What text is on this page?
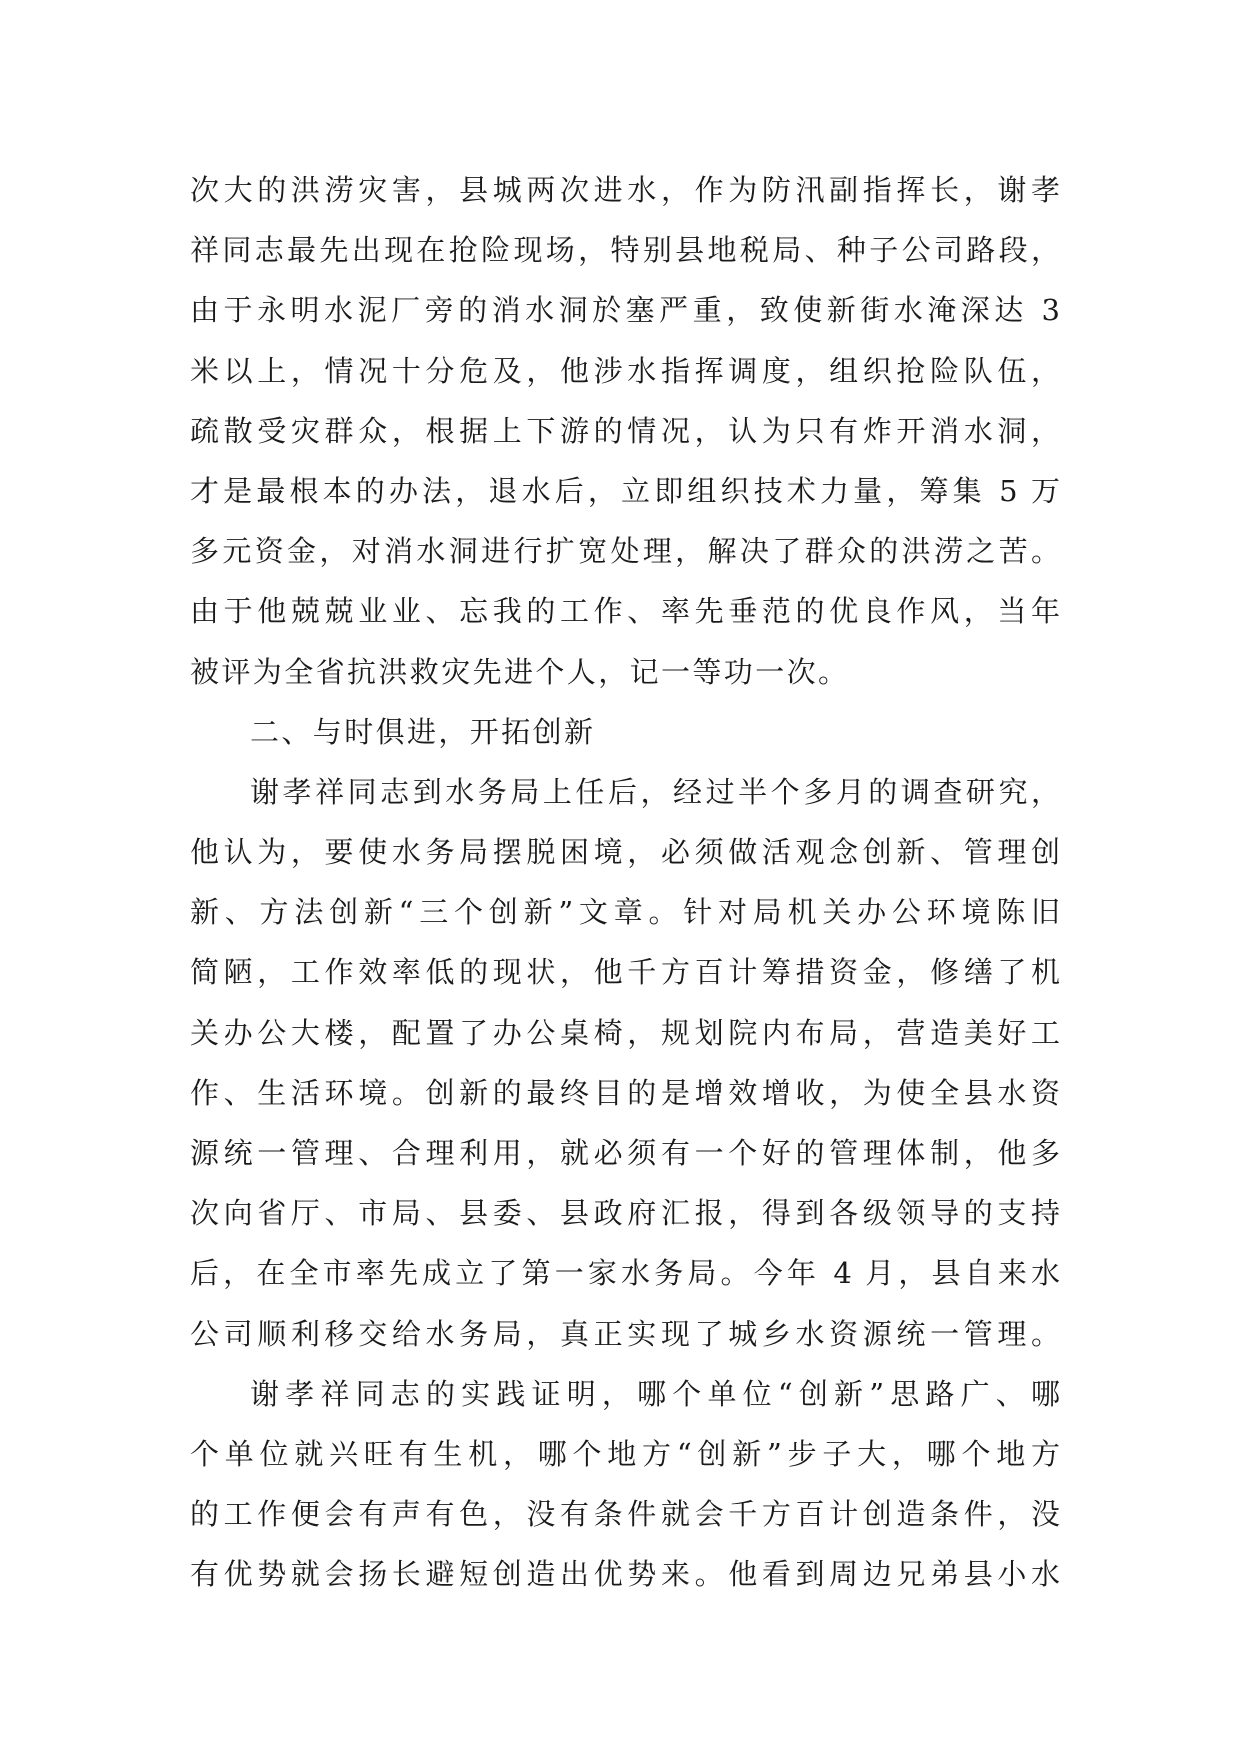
次大的洪涝灾害，县城两次进水，作为防汛副指挥长，谢孝
祥同志最先出现在抢险现场，特别县地税局、种子公司路段，
由于永明水泥厂旁的消水洞於塞严重，致使新街水淹深达 3
米以上，情况十分危及，他涉水指挥调度，组织抢险队伍，
疏散受灾群众，根据上下游的情况，认为只有炸开消水洞，
才是最根本的办法，退水后，立即组织技术力量，筹集 5 万
多元资金，对消水洞进行扩宽处理，解决了群众的洪涝之苦。
由于他兢兢业业、忘我的工作、率先垂范的优良作风，当年
被评为全省抗洪救灾先进个人，记一等功一次。
二、与时俱进，开拓创新
谢孝祥同志到水务局上任后，经过半个多月的调查研究，
他认为，要使水务局摆脱困境，必须做活观念创新、管理创
新、方法创新“三个创新”文章。针对局机关办公环境陈旧
简陋，工作效率低的现状，他千方百计筹措资金，修缮了机
关办公大楼，配置了办公桌椅，规划院内布局，营造美好工
作、生活环境。创新的最终目的是增效增收，为使全县水资
源统一管理、合理利用，就必须有一个好的管理体制，他多
次向省厅、市局、县委、县政府汇报，得到各级领导的支持
后，在全市率先成立了第一家水务局。今年 4 月，县自来水
公司顺利移交给水务局，真正实现了城乡水资源统一管理。
谢孝祥同志的实践证明，哪个单位“创新”思路广、哪
个单位就兴旺有生机，哪个地方“创新”步子大，哪个地方
的工作便会有声有色，没有条件就会千方百计创造条件，没
有优势就会扬长避短创造出优势来。他看到周边兄弟县小水
